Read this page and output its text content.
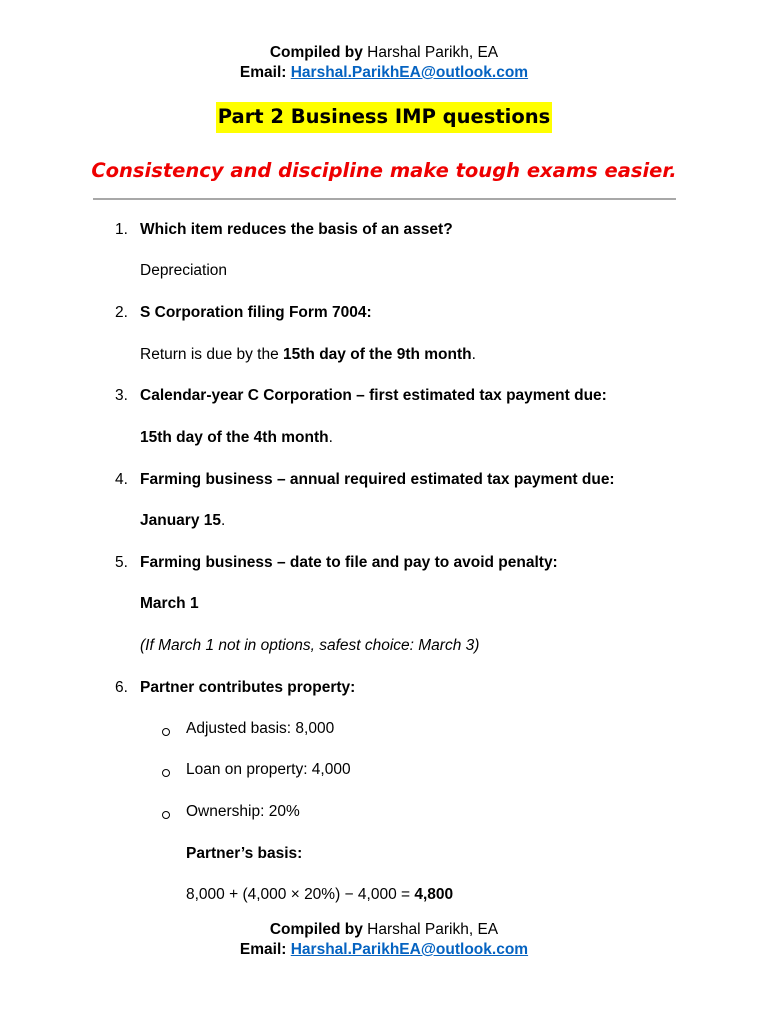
Compiled by Harshal Parikh, EA
Email: Harshal.ParikhEA@outlook.com
Part 2 Business IMP questions
Consistency and discipline make tough exams easier.
1. Which item reduces the basis of an asset?
Depreciation
2. S Corporation filing Form 7004:
Return is due by the 15th day of the 9th month.
3. Calendar-year C Corporation – first estimated tax payment due:
15th day of the 4th month.
4. Farming business – annual required estimated tax payment due:
January 15.
5. Farming business – date to file and pay to avoid penalty:
March 1
(If March 1 not in options, safest choice: March 3)
6. Partner contributes property:
Adjusted basis: 8,000
Loan on property: 4,000
Ownership: 20%
Partner’s basis:
8,000 + (4,000 × 20%) − 4,000 = 4,800
Compiled by Harshal Parikh, EA
Email: Harshal.ParikhEA@outlook.com
